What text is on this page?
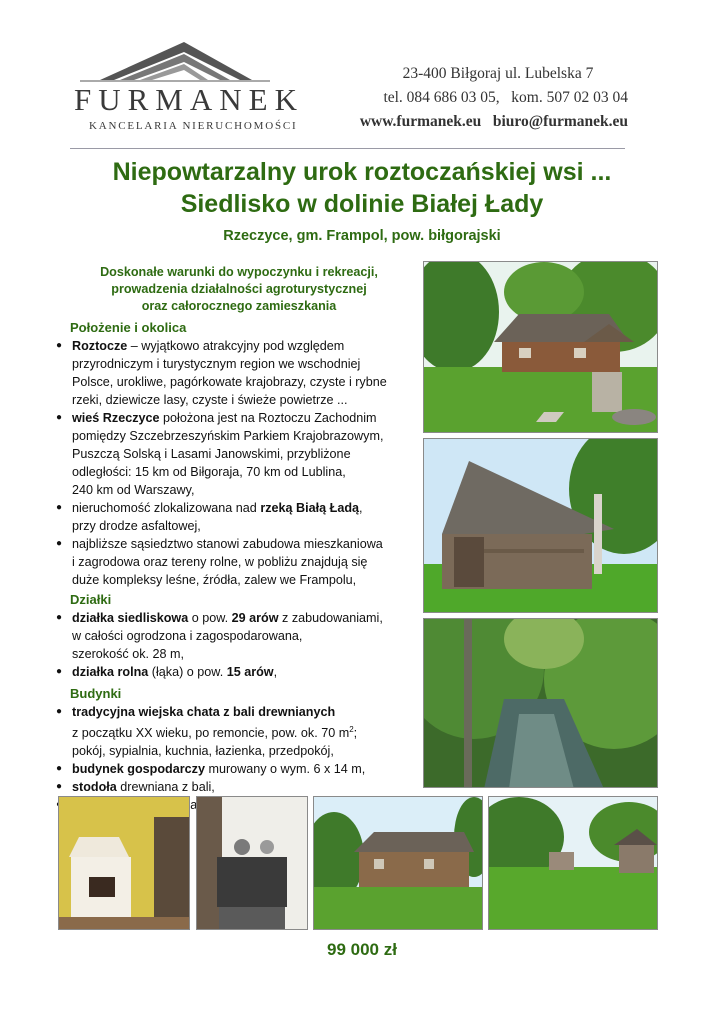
FURMANEK
KANCELARIA NIERUCHOMOŚCI
23-400 Biłgoraj ul. Lubelska 7
tel. 084 686 03 05,   kom. 507 02 03 04
www.furmanek.eu   biuro@furmanek.eu
Niepowtarzalny urok roztoczańskiej wsi ...
Siedlisko w dolinie Białej Łady
Rzeczyce, gm. Frampol, pow. biłgorajski
Doskonałe warunki do wypoczynku i rekreacji,
prowadzenia działalności agroturystycznej
oraz całorocznego zamieszkania
Położenie i okolica
● Roztocze – wyjątkowo atrakcyjny pod względem
przyrodniczym i turystycznym region we wschodniej
Polsce, urokliwe, pagórkowate krajobrazy, czyste i rybne
rzeki, dziewicze lasy, czyste i świeże powietrze ...
● wieś Rzeczyce położona jest na Roztoczu Zachodnim
pomiędzy Szczebrzeszyńskim Parkiem Krajobrazowym,
Puszczą Solską i Lasami Janowskimi, przybliżone
odległości: 15 km od Biłgoraja, 70 km od Lublina,
240 km od Warszawy,
● nieruchomość zlokalizowana nad rzeką Białą Ładą,
przy drodze asfaltowej,
● najbliższe sąsiedztwo stanowi zabudowa mieszkaniowa
i zagrodowa oraz tereny rolne, w pobliżu znajdują się
duże kompleksy leśne, źródła, zalew we Frampolu,
Działki
● działka siedliskowa o pow. 29 arów z zabudowaniami,
w całości ogrodzona i zagospodarowana,
szerokość ok. 28 m,
● działka rolna (łąka) o pow. 15 arów,
Budynki
● tradycyjna wiejska chata z bali drewnianych
z początku XX wieku, po remoncie, pow. ok. 70 $m^2$;
pokój, sypialnia, kuchnia, łazienka, przedpokój,
● budynek gospodarczy murowany o wym. 6 x 14 m,
● stodoła drewniana z bali,
●
99 000 zł
